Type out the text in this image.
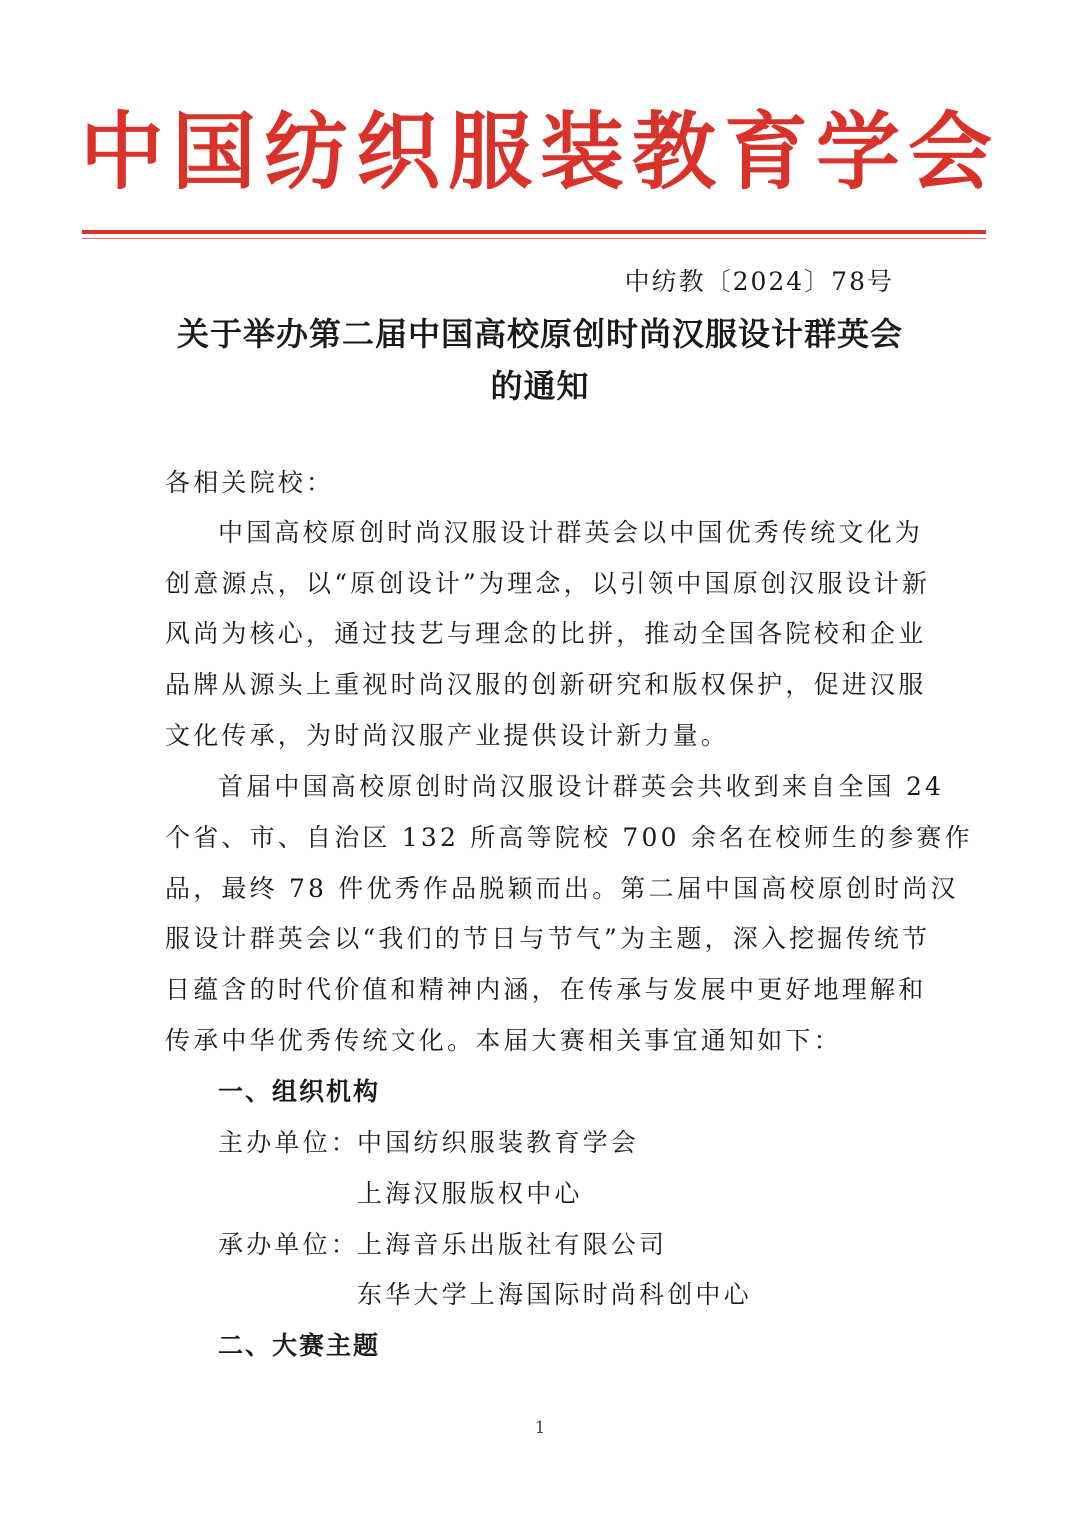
中国纺织服装教育学会
中纺教〔2024〕78号
关于举办第二届中国高校原创时尚汉服设计群英会
的通知
各相关院校：
中国高校原创时尚汉服设计群英会以中国优秀传统文化为
创意源点，以“原创设计”为理念，以引领中国原创汉服设计新
风尚为核心，通过技艺与理念的比拼，推动全国各院校和企业
品牌从源头上重视时尚汉服的创新研究和版权保护，促进汉服
文化传承，为时尚汉服产业提供设计新力量。
首届中国高校原创时尚汉服设计群英会共收到来自全国 24
个省、市、自治区 132 所高等院校 700 余名在校师生的参赛作
品，最终 78 件优秀作品脱颖而出。第二届中国高校原创时尚汉
服设计群英会以“我们的节日与节气”为主题，深入挖掘传统节
日蕴含的时代价值和精神内涵，在传承与发展中更好地理解和
传承中华优秀传统文化。本届大赛相关事宜通知如下：
一、组织机构
主办单位：
中国纺织服装教育学会
上海汉服版权中心
承办单位：
上海音乐出版社有限公司
东华大学上海国际时尚科创中心
二、大赛主题
1
